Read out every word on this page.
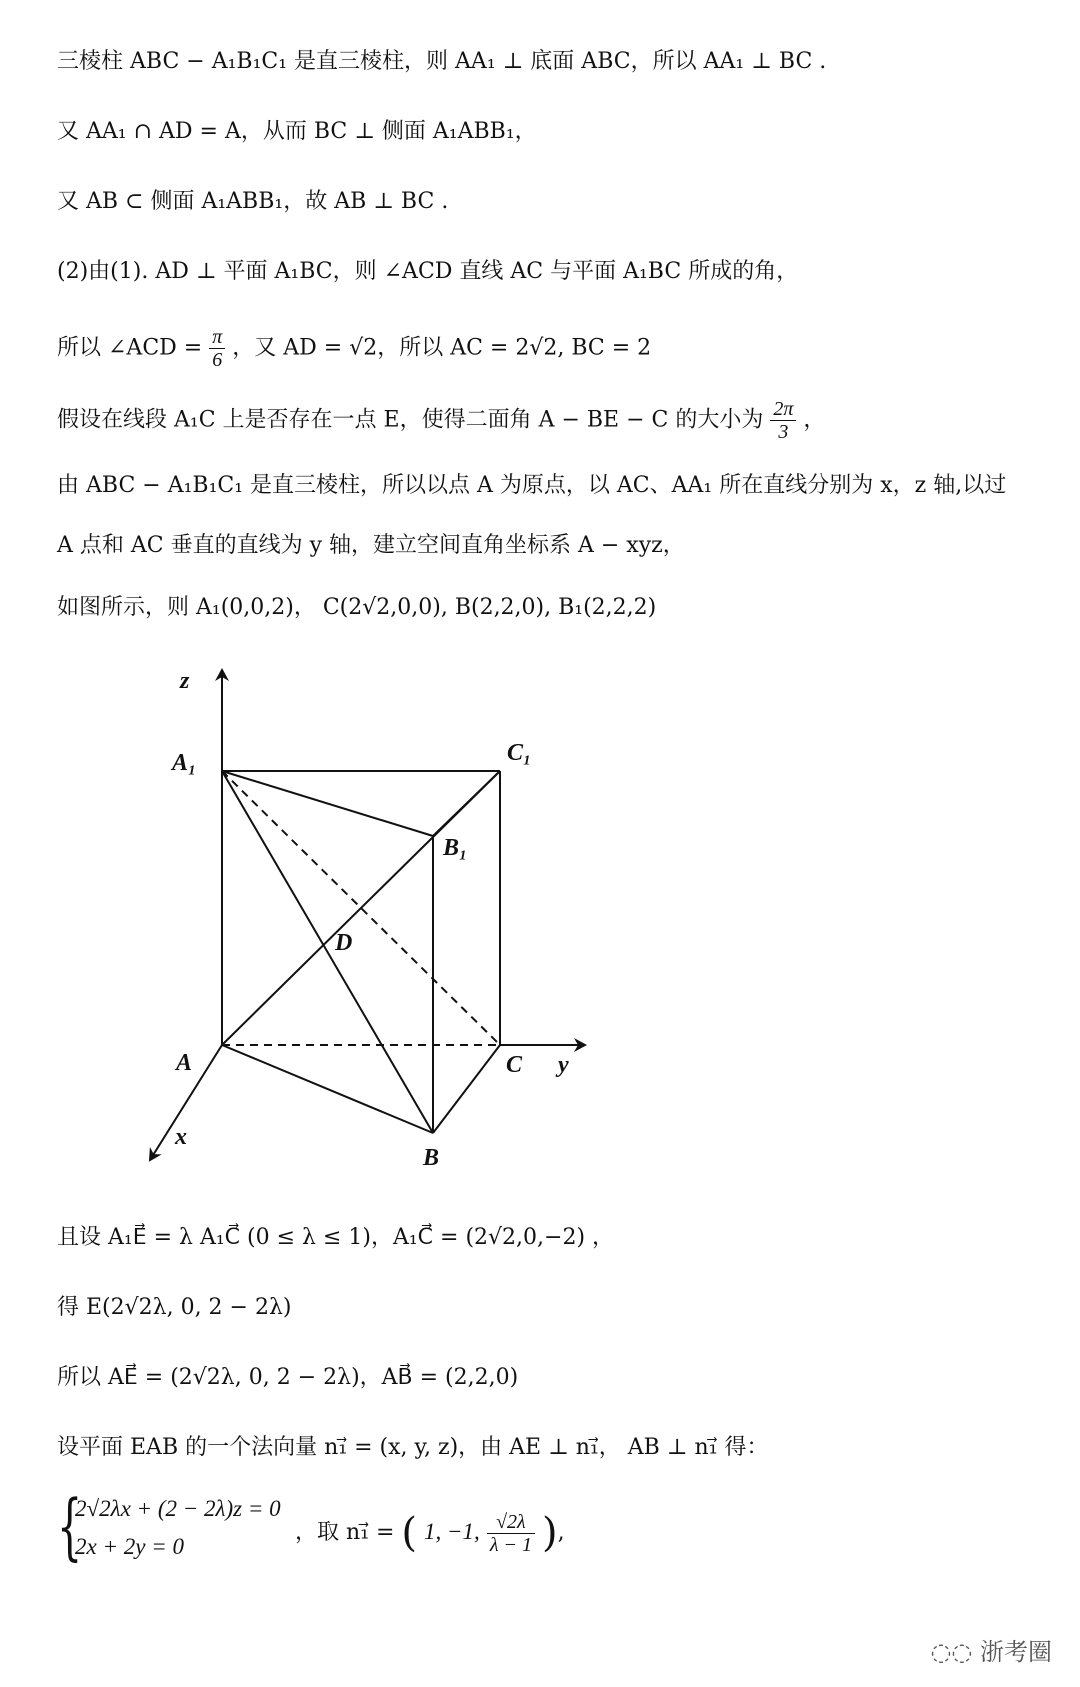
三棱柱 ABC − A₁B₁C₁ 是直三棱柱，则 AA₁ ⊥ 底面 ABC，所以 AA₁ ⊥ BC .
又 AA₁ ∩ AD = A，从而 BC ⊥ 侧面 A₁ABB₁，
又 AB ⊂ 侧面 A₁ABB₁，故 AB ⊥ BC .
(2)由(1). AD ⊥ 平面 A₁BC，则 ∠ACD 直线 AC 与平面 A₁BC 所成的角，
所以 ∠ACD = $\frac{\pi}{6}$ ，又 AD = √2，所以 AC = 2√2, BC = 2
假设在线段 A₁C 上是否存在一点 E，使得二面角 A − BE − C 的大小为 $\frac{2\pi}{3}$ ，
由 ABC − A₁B₁C₁ 是直三棱柱，所以以点 A 为原点，以 AC、AA₁ 所在直线分别为 x，z 轴,以过
A 点和 AC 垂直的直线为 y 轴，建立空间直角坐标系 A − xyz，
如图所示，则 A₁(0,0,2)， C(2√2,0,0), B(2,2,0), B₁(2,2,2)
z
A₁	C₁
B₁
D
A	C y
x
B
且设 A₁E⃗ = λ A₁C⃗ (0 ≤ λ ≤ 1)，A₁C⃗ = (2√2,0,−2) ，
得 E(2√2λ, 0, 2 − 2λ)
所以 AE⃗ = (2√2λ, 0, 2 − 2λ)，AB⃗ = (2,2,0)
设平面 EAB 的一个法向量 n₁⃗ = (x, y, z)，由 AE ⊥ n₁⃗， AB ⊥ n₁⃗ 得：
{
2√2λx + (2 − 2λ)z = 0
2x + 2y = 0
，取 n₁⃗ = ( 1, −1, $\frac{√2\lambda}{\lambda - 1}$ ),
◌◌ 浙考圈
